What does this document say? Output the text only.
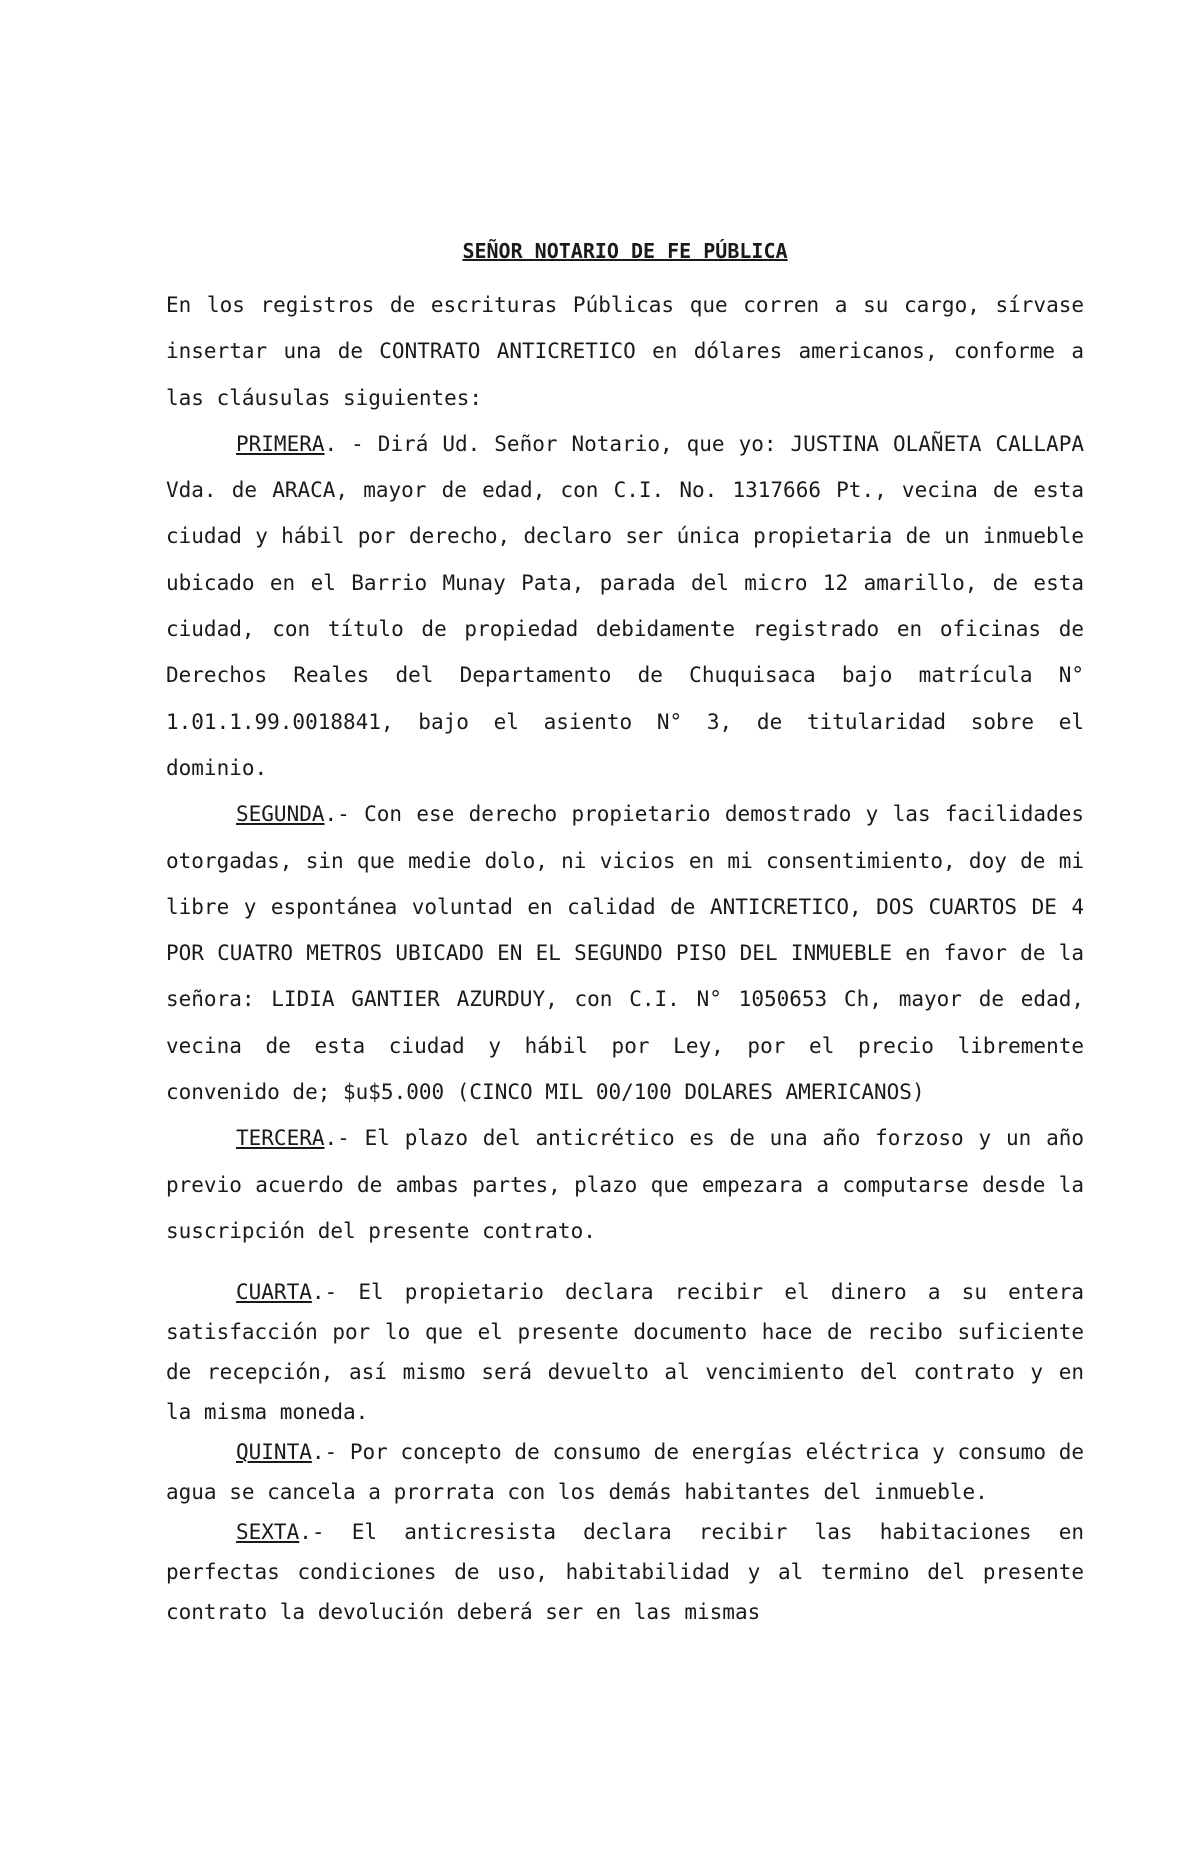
SEÑOR NOTARIO DE FE PÚBLICA

En los registros de escrituras Públicas que corren a su cargo, sírvase insertar una de CONTRATO ANTICRETICO en dólares americanos, conforme a las cláusulas siguientes:

PRIMERA. - Dirá Ud. Señor Notario, que yo: JUSTINA OLAÑETA CALLAPA Vda. de ARACA, mayor de edad, con C.I. No. 1317666 Pt., vecina de esta ciudad y hábil por derecho, declaro ser única propietaria de un inmueble ubicado en el Barrio Munay Pata, parada del micro 12 amarillo, de esta ciudad, con título de propiedad debidamente registrado en oficinas de Derechos Reales del Departamento de Chuquisaca bajo matrícula N° 1.01.1.99.0018841, bajo el asiento N° 3, de titularidad sobre el dominio.

SEGUNDA.- Con ese derecho propietario demostrado y las facilidades otorgadas, sin que medie dolo, ni vicios en mi consentimiento, doy de mi libre y espontánea voluntad en calidad de ANTICRETICO, DOS CUARTOS DE 4 POR CUATRO METROS UBICADO EN EL SEGUNDO PISO DEL INMUEBLE en favor de la señora: LIDIA GANTIER AZURDUY, con C.I. N° 1050653 Ch, mayor de edad, vecina de esta ciudad y hábil por Ley, por el precio libremente convenido de; $u$5.000 (CINCO MIL 00/100 DOLARES AMERICANOS)

TERCERA.- El plazo del anticrético es de una año forzoso y un año previo acuerdo de ambas partes, plazo que empezara a computarse desde la suscripción del presente contrato.

CUARTA.- El propietario declara recibir el dinero a su entera satisfacción por lo que el presente documento hace de recibo suficiente de recepción, así mismo será devuelto al vencimiento del contrato y en la misma moneda.

QUINTA.- Por concepto de consumo de energías eléctrica y consumo de agua se cancela a prorrata con los demás habitantes del inmueble.

SEXTA.- El anticresista declara recibir las habitaciones en perfectas condiciones de uso, habitabilidad y al termino del presente contrato la devolución deberá ser en las mismas
